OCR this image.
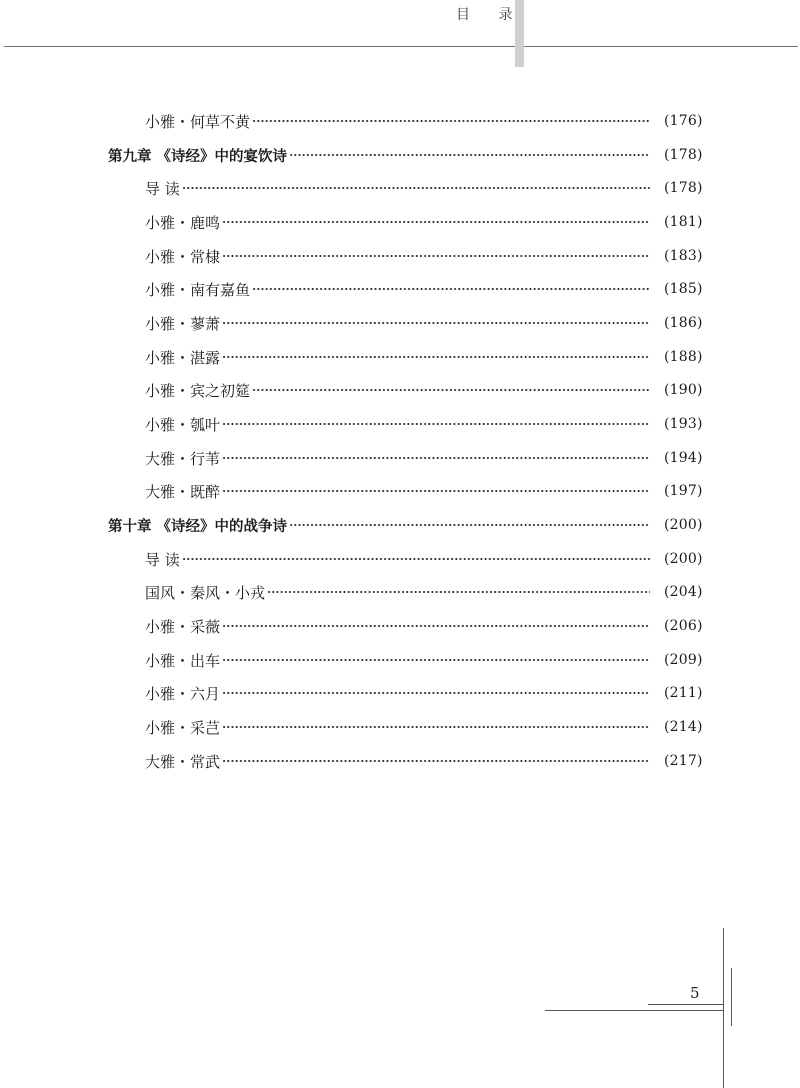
目 录
小雅・何草不黄	(176)
第九章 《诗经》中的宴饮诗	(178)
导 读	(178)
小雅・鹿鸣	(181)
小雅・常棣	(183)
小雅・南有嘉鱼	(185)
小雅・蓼萧	(186)
小雅・湛露	(188)
小雅・宾之初筵	(190)
小雅・瓠叶	(193)
大雅・行苇	(194)
大雅・既醉	(197)
第十章 《诗经》中的战争诗	(200)
导 读	(200)
国风・秦风・小戎	(204)
小雅・采薇	(206)
小雅・出车	(209)
小雅・六月	(211)
小雅・采芑	(214)
大雅・常武	(217)
5
